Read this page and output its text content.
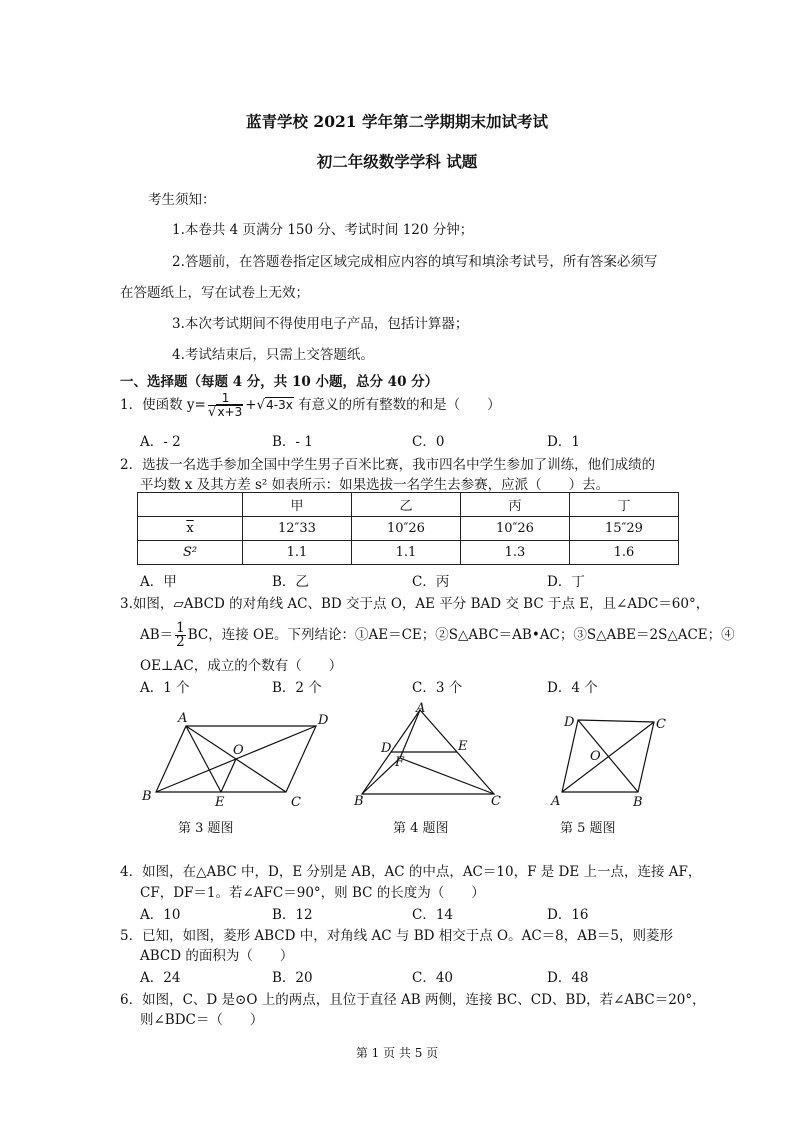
蓝青学校 2021 学年第二学期期末加试考试
初二年级数学学科 试题
考生须知：
1.本卷共 4 页满分 150 分、考试时间 120 分钟；
2.答题前，在答题卷指定区域完成相应内容的填写和填涂考试号，所有答案必须写
在答题纸上，写在试卷上无效；
3.本次考试期间不得使用电子产品，包括计算器；
4.考试结束后，只需上交答题纸。
一、选择题（每题 4 分，共 10 小题，总分 40 分）
1．使函数 $y= \frac{1}{√x+3} +√4-3x$ 有意义的所有整数的和是（　　）
A．- 2	B．- 1	C．0	D．1
2．选拔一名选手参加全国中学生男子百米比赛，我市四名中学生参加了训练，他们成绩的
平均数 x 及其方差 s² 如表所示：如果选拔一名学生去参赛，应派（　　）去。
	甲	乙	丙	丁
$\overline{x}$	12″33	10″26	10″26	15″29
S²	1.1	1.1	1.3	1.6
A．甲	B．乙	C．丙	D．丁
3.如图，▱ABCD 的对角线 AC、BD 交于点 O，AE 平分 BAD 交 BC 于点 E，且∠ADC＝60°，
$AB= \frac{1}{2}$ BC，连接 OE。下列结论：①AE＝CE；②S△ABC＝AB•AC；③S△ABE＝2S△ACE；④
OE⊥AC，成立的个数有（　　）
A．1 个	B．2 个	C．3 个	D．4 个
A	D
O
B	E	C
第 3 题图
A
D	E
F
B	C
第 4 题图
D	C
O
A	B
第 5 题图
4．如图，在△ABC 中，D，E 分别是 AB，AC 的中点，AC＝10，F 是 DE 上一点，连接 AF，
CF，DF＝1。若∠AFC＝90°，则 BC 的长度为（　　）
A．10	B．12	C．14	D．16
5．已知，如图，菱形 ABCD 中，对角线 AC 与 BD 相交于点 O。AC＝8，AB＝5，则菱形
ABCD 的面积为（　　）
A．24	B．20	C．40	D．48
6．如图，C、D 是⊙O 上的两点，且位于直径 AB 两侧，连接 BC、CD、BD，若∠ABC＝20°，
则∠BDC＝（　　）
第 1 页 共 5 页
